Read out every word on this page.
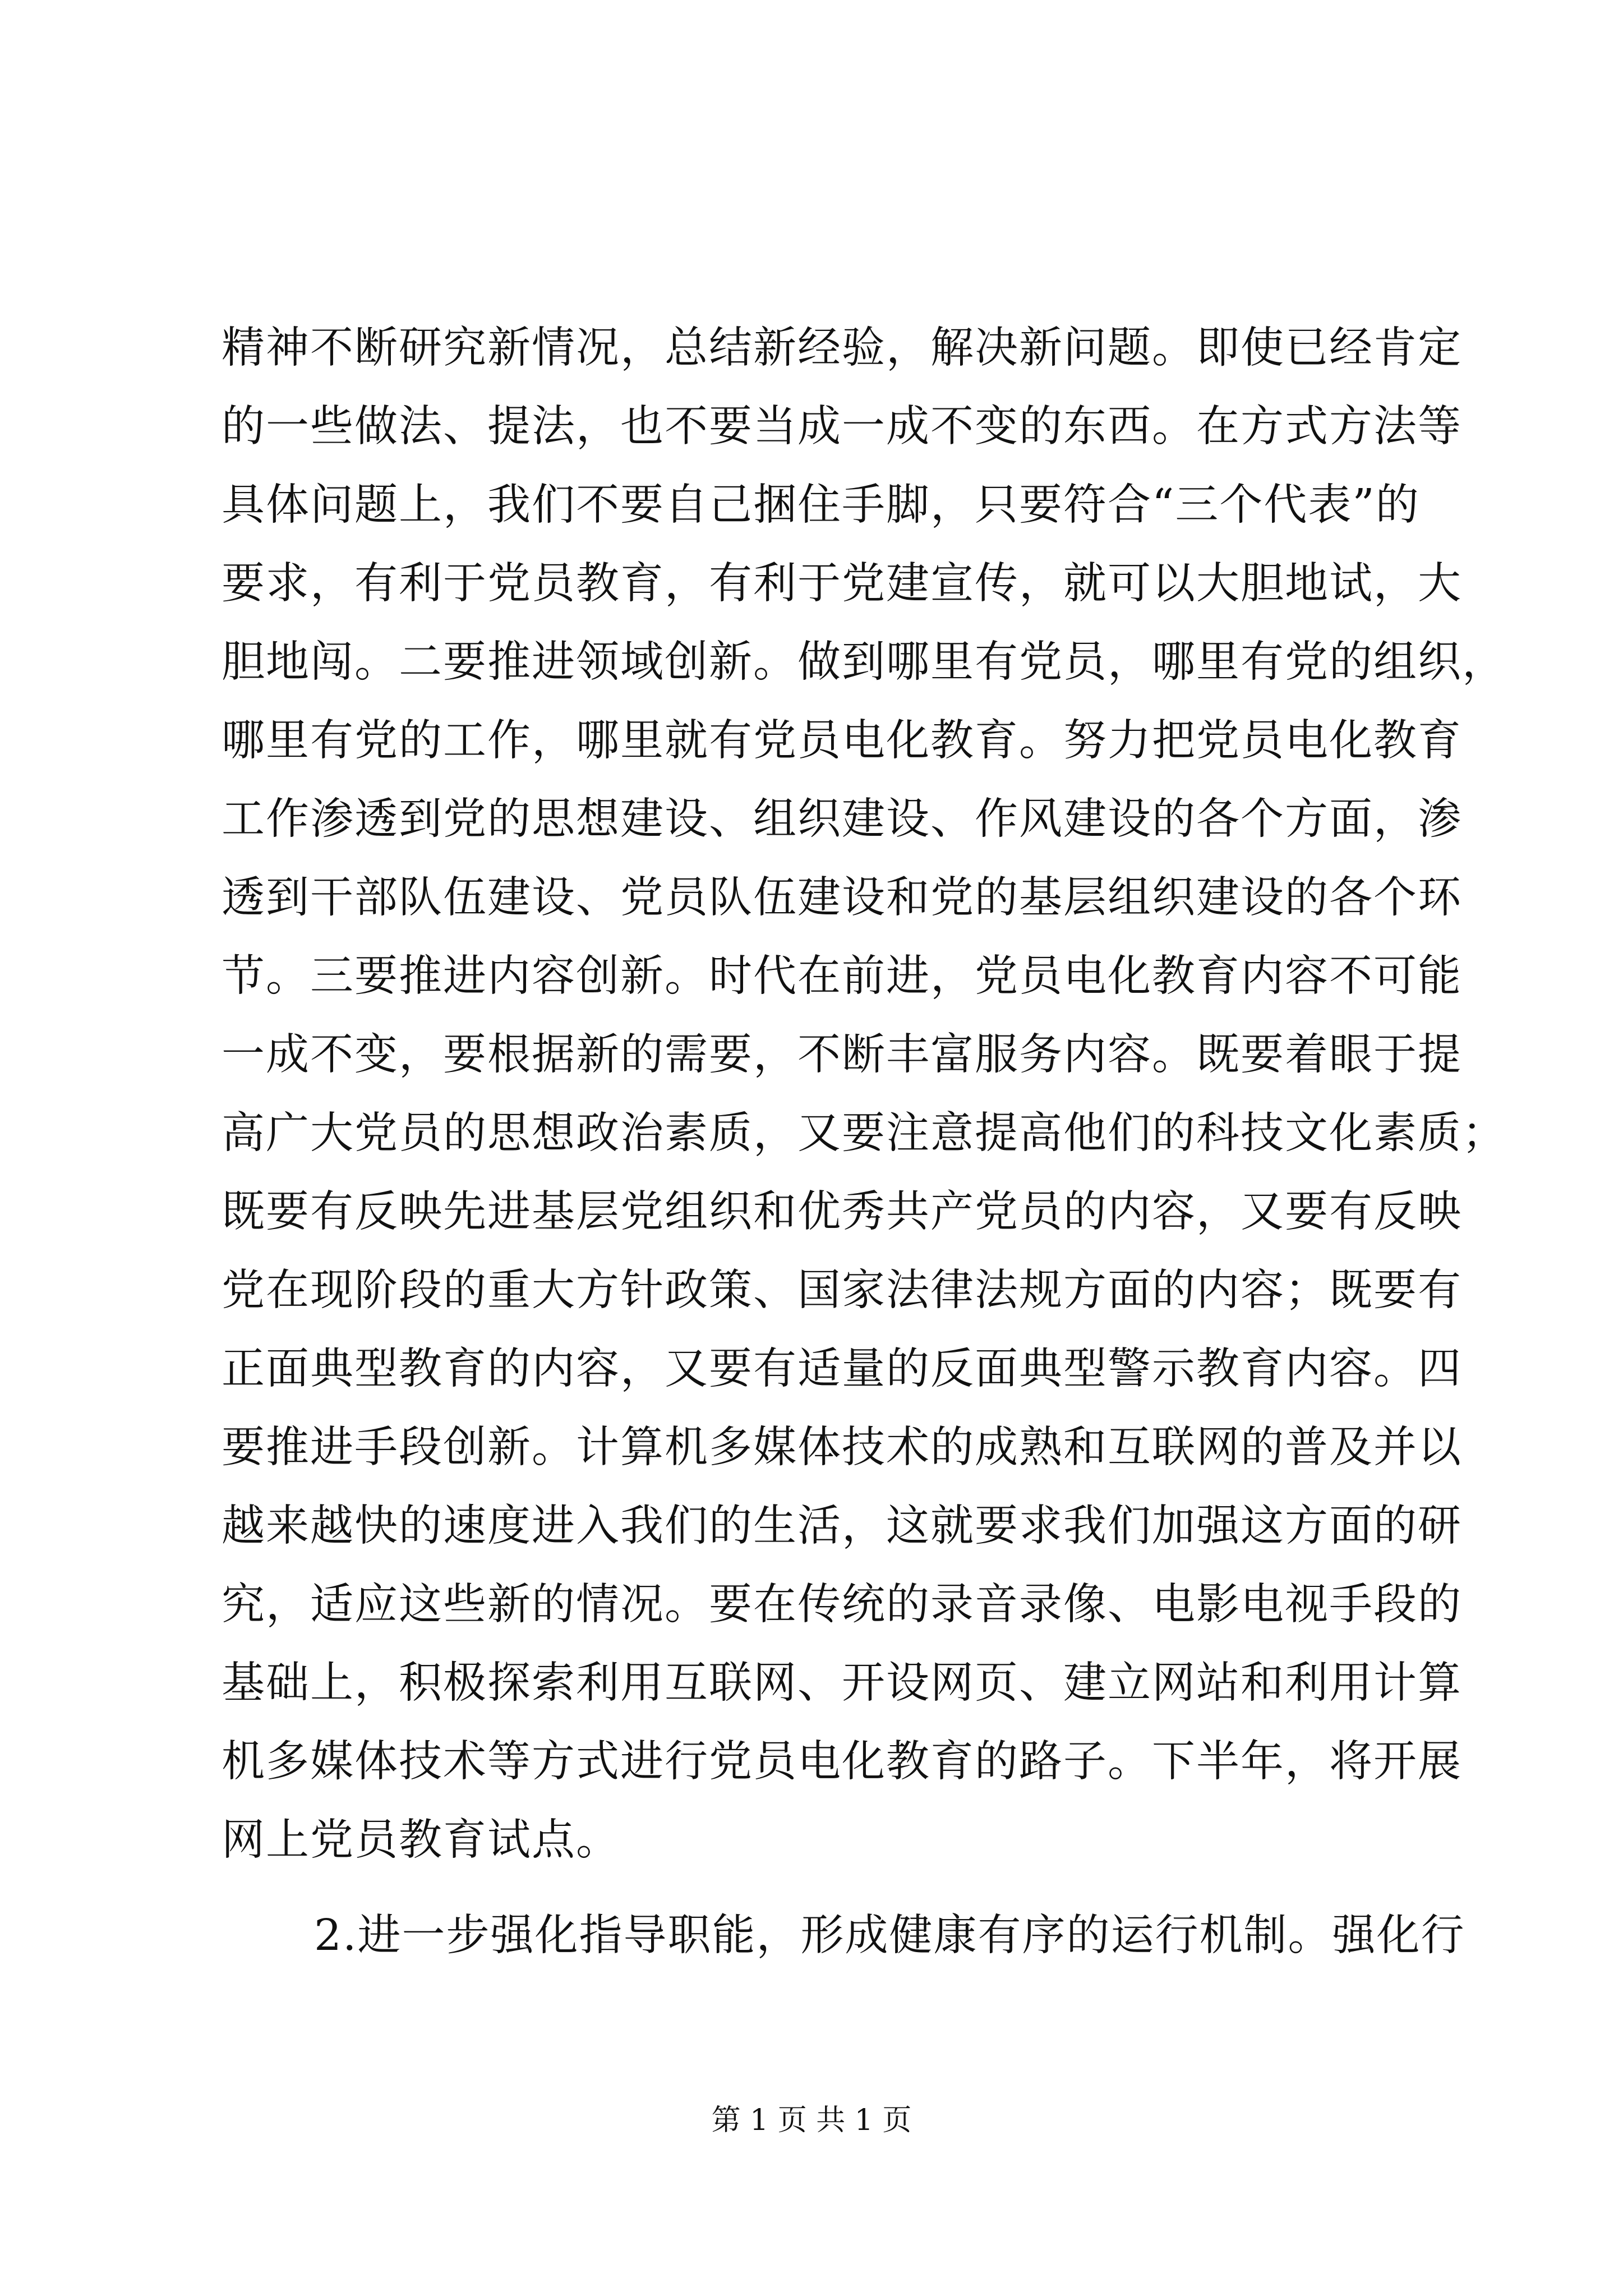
精神不断研究新情况，总结新经验，解决新问题。即使已经肯定
的一些做法、提法，也不要当成一成不变的东西。在方式方法等
具体问题上，我们不要自己捆住手脚，只要符合“三个代表”的
要求，有利于党员教育，有利于党建宣传，就可以大胆地试，大
胆地闯。二要推进领域创新。做到哪里有党员，哪里有党的组织，
哪里有党的工作，哪里就有党员电化教育。努力把党员电化教育
工作渗透到党的思想建设、组织建设、作风建设的各个方面，渗
透到干部队伍建设、党员队伍建设和党的基层组织建设的各个环
节。三要推进内容创新。时代在前进，党员电化教育内容不可能
一成不变，要根据新的需要，不断丰富服务内容。既要着眼于提
高广大党员的思想政治素质，又要注意提高他们的科技文化素质；
既要有反映先进基层党组织和优秀共产党员的内容，又要有反映
党在现阶段的重大方针政策、国家法律法规方面的内容；既要有
正面典型教育的内容，又要有适量的反面典型警示教育内容。四
要推进手段创新。计算机多媒体技术的成熟和互联网的普及并以
越来越快的速度进入我们的生活，这就要求我们加强这方面的研
究，适应这些新的情况。要在传统的录音录像、电影电视手段的
基础上，积极探索利用互联网、开设网页、建立网站和利用计算
机多媒体技术等方式进行党员电化教育的路子。下半年，将开展
网上党员教育试点。
2.进一步强化指导职能，形成健康有序的运行机制。强化行
第 1 页 共 1 页
